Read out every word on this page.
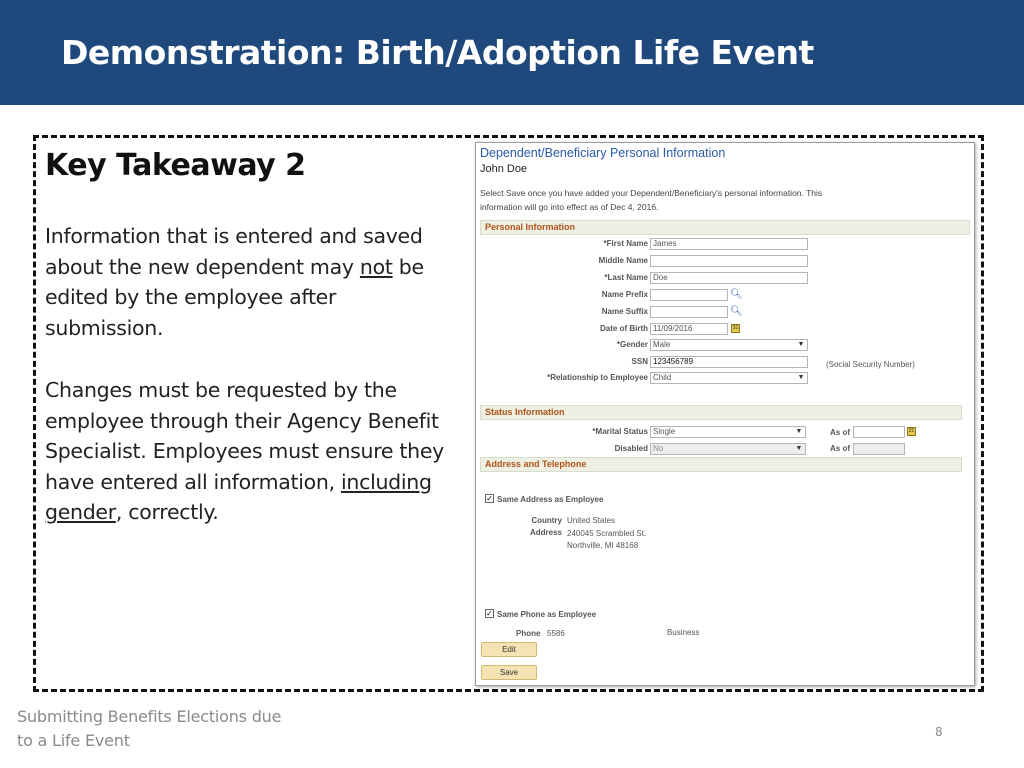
Demonstration: Birth/Adoption Life Event
Key Takeaway 2
Information that is entered and saved about the new dependent may not be edited by the employee after submission.
Changes must be requested by the employee through their Agency Benefit Specialist. Employees must ensure they have entered all information, including gender, correctly.
Dependent/Beneficiary Personal Information
John Doe
Select Save once you have added your Dependent/Beneficiary's personal information. This information will go into effect as of Dec 4, 2016.
Personal Information
*First Name James
Middle Name
*Last Name Doe
Name Prefix	🔍︎
Name Suffix	🔍︎
Date of Birth 11/09/2016	31
*Gender Male	▼
SSN 123456789	(Social Security Number)
*Relationship to Employee Child	▼
Status Information
*Marital Status Single	▼	As of	31
Disabled No	▼	As of
Address and Telephone
✓ Same Address as Employee
Country United States
Address 240045 Scrambled St.
Northville, MI 48168
✓ Same Phone as Employee
Phone 5586	Business
Edit
Save
Submitting Benefits Elections due to a Life Event	8
